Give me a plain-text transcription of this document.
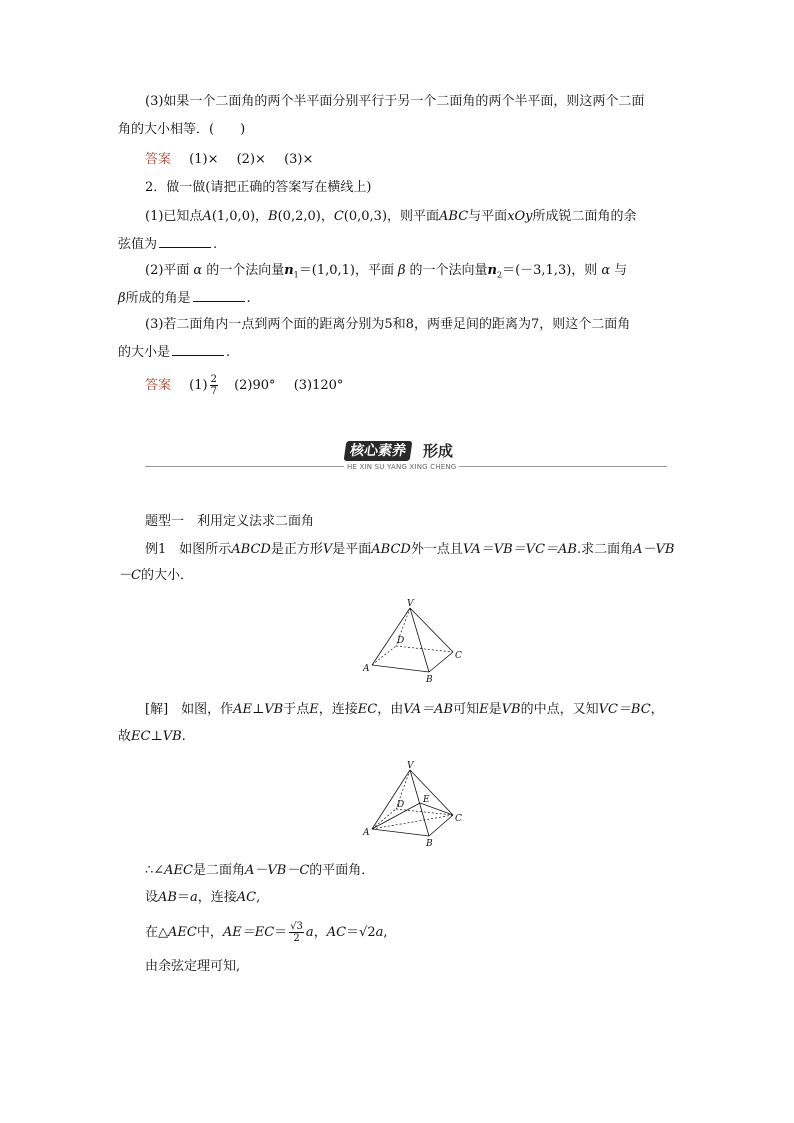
(3)如果一个二面角的两个半平面分别平行于另一个二面角的两个半平面，则这两个二面
角的大小相等．(　　)
答案 (1)× (2)× (3)×
2．做一做(请把正确的答案写在横线上)
(1)已知点A(1,0,0)，B(0,2,0)，C(0,0,3)，则平面ABC与平面xOy所成锐二面角的余
弦值为	.
(2)平面 α 的一个法向量$n_1=(1,0,1)$，平面 β 的一个法向量$n_2=(-3,1,3)$，则 α 与
β所成的角是	.
(3)若二面角内一点到两个面的距离分别为5和8，两垂足间的距离为7，则这个二面角
的大小是	.
答案 $(1) \frac{2}{7} (2)90^\circ$ (3)120°
核心素养	形成
HE XIN SU YANG XING CHENG
题型一　利用定义法求二面角
例1　如图所示ABCD是正方形V是平面ABCD外一点且VA＝VB＝VC＝AB.求二面角A－VB
－C的大小．
V
D
A
B
C
[解]　如图，作AE⊥VB于点E，连接EC，由VA＝AB可知E是VB的中点，又知VC＝BC，
故EC⊥VB.
V
D E
A
B
C
∴∠AEC是二面角A－VB－C的平面角．
设AB＝a，连接AC,
在△AEC中，$AE=EC= \frac{√3}{2}$ a，AC＝√2a,
由余弦定理可知,
